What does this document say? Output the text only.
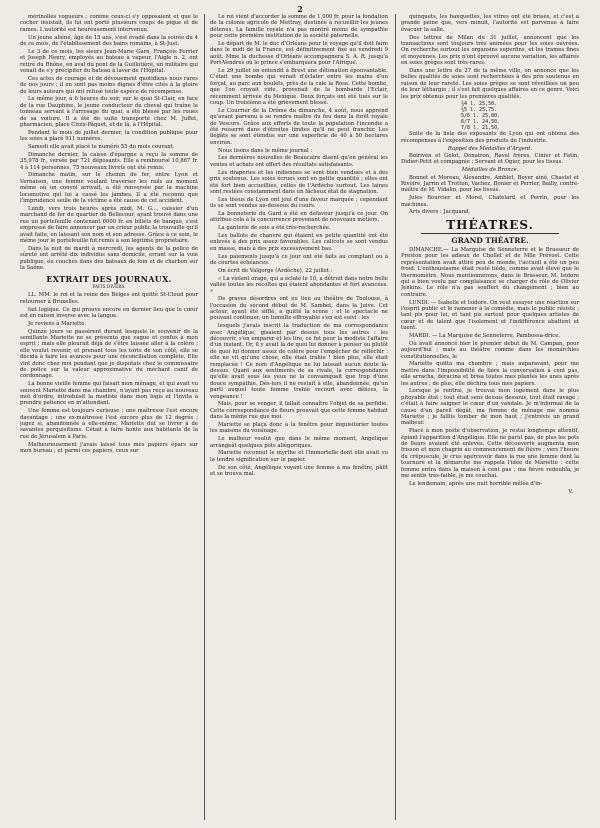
2

mérinolles vogueurs ; comme ceux-ci s'y opposaient et que le cocher insistait, ils lui ont porté plusieurs coups de pique et de rames. L'autorité est heureusement intervenue.

Un jeune aliéné, âgé de 15 ans, s'est évadé dans la soirée du 4 de ce mois, de l'établissement des bains romains, à St-Just.

Le 3 de ce mois, les sieurs Jean-Marie Garn, François Ferrier et Joseph Henry, employés au bateau à vapeur, l'Aigle n. 2, ont retiré du Rhône, en aval du pont de la Guillotière, un militaire qui venait de s'y précipiter du bateau à laver de l'Hôpital.

Ces actes de courage et de dévouement quotidiens nous rares de nos jours ; il en sont pas moins dignes d'être cités à la gloire de leurs auteurs qui ont refusé toute espèce de récompense.

Le même jour, à 6 heures du soir, sur le quai St-Clair, en face de la rue Dauphine, le jeune conducteur du cheval qui traîne le tonneau servant à l'arrosage du quai, a été blessé par les roues de sa voiture. Il a été de suite transporté chez M. Juffet, pharmacien, place Croix-Pâquet, et de là, à l'Hôpital.

Pendant le mois de juillet dernier, la condition publique pour les soies a placé 911 numéros.

Samedi elle avait placé le numéro 55 du mois courant.

Dimanche dernier, la caisse d'épargne a reçu la somme de 35,978 fr., versée par 721 déposants. Elle a remboursé 10,867 fr. 4 à 114 personnes, 75 nouveaux livrets ont été remis.

Dimanche matin, sur le chemin de fer, entre Lyon et Vernaison, une femme voulant traverser les rails au moment même où un convoi arrivait, a été renversée par la machine locomotive qui lui a cassé les jambes. Il a été reconnu que l'imprudence seule de la victime a été cause de cet accident.

Lundi, vers trois heures après midi, M. G..., caissier d'un marchand de fer du quartier de Bellecour, ayant trouvé dans une rue un portefeuille contenant 6000 fr. en billets de banque, s'est empressé de faire annoncer par un crieur public la trouvaille qu'il avait faite, en laissant son nom et son adresse. Grâce à ce soin, le même jour le portefeuille fut remis à son légitime propriétaire.

Dans la nuit de mardi à mercredi, les agents de la police de sûreté ont arrêté dix individus sans domicile, errant sur la voie publique, ou couchés dans des bateaux de foin et de charbon sur la Saône.

EXTRAIT DES JOURNAUX.
FAITS DIVERS.

LL. MM. le roi et la reine des Belges ont quitté St-Cloud pour retourner à Bruxelles.

fait logique. Ce qui prouve encore en dernier lieu que le cœur est en raison inverse avec la langue.

Je reviens à Mariette.

Quinze jours se passèrent durant lesquels le souvenir de la semillante Mariette ne se présenta que vague et confus à mon esprit ; mais elle pleurait déjà de s'être laissée aller à la colère ; elle voulut revenir, et prenant tous les torts de son côté, elle se décida à faire les avances pour une réconciliation complète. Elle vint donc chez moi pendant que je disputais chez le commissaire de police sur la valeur approximative du méchant canif de cordonnage.

La bonne vieille femme qui faisait mon ménage, et qui avait vu souvent Mariette dans ma chambre, n'ayant pas reçu au nouveau mot d'ordre, introduisit la modiste dans mon logis et l'invita à prendre patience en m'attendant.

Une femme est toujours curieuse ; une maîtresse l'est encore davantage ; une ex-maîtresse l'est encore plus de 12 degrés ; jugez si, abandonnée à elle-même, Mariette dut se livrer à de savantes perquisitions. Cétait à faire honte aux habitants de la rue de Jérusalem à Paris.

Malheureusement j'avais laissé tous mes papiers épars sur mon bureau ; et parmi ces papiers, ceux sur

Le roi vient d'accorder la somme de 1,000 fr. pour la fondation de la colonie agricole de Mettray, destinée à recueillir les jeunes détenus. La famille royale n'a pas montré moins de sympathie pour cette première institution de la société paternelle.

Le départ de M. le duc d'Orléans pour le voyage qu'il doit faire dans le midi de la France, est définitivement fixé au vendredi 9 août. Mme la duchesse d'Orléans accompagnera S. A. R. jusqu'à Port-Vendres où le prince s'embarquera pour l'Afrique.

Le 29 juillet on entendit à Brest une détonation épouvantable. C'était une bombe qui venait d'éclater entre les mains d'un forçat, au parc aux boulets, près de la cale la Rose. Cette bombe, que l'on croyait vide, provenait de la bombarde l'Eclair, récemment arrivée du Mexique. Deux forçats ont été tués sur le coup. Un troisième a été grièvement blessé.

Le Courrier de la Drôme du dimanche, 4 août, nous apprend qu'avant parvenu à se rendre maître du feu dans la forêt royale de Vescors. Grâce aux efforts de toute la population l'incendie a été resserré dans d'étroites limites qu'il ne peut franchir. Les dégâts se sont étendus sur une superficie de 40 à 50 hectares environ.

Nous lisons dans le même journal :

Les dernières nouvelles de Beaucaire disent qu'en général les ventes et achats ont offert des résultats satisfaisants.

Les draperies et les indiennes se sont bien vendues et à des prix soutenus. Les soies écrues sont en petite quantité ; elles ont été fort bien accueillies, celles de l'Ardèche surtout. Les laines sont restées constamment dans un fâcheux état de stagnation.

Les tissus de Lyon ont joui d'une faveur marquée ; cependant ils se sont vendus au-dessous du cours.

La bonneterie du Gard a été en défaveur jusqu'à ce jour. On attribue cela à la concurrence provenant de nouveaux métiers.

La ganterie de soie a été très-recherchée.

Les ballots de chanvre qui étaient en petite quantité ont été enlevés à des prix assez favorables. Les calicots se sont vendus en masse, mais à des prix excessivement bas.

Les paiements jusqu'à ce jour ont été faits au comptant ou à de courtes échéances.

On écrit de Valgorge (Ardèche), 22 juillet :

« La violent orage, qui a éclaté le 10, a détruit dans notre belle vallée toutes les récoltes qui étaient abondantes et fort avancées. »

De graves désordres ont eu lieu au théâtre de Toulouse, à l'occasion du second début de M. Sambet, dans la Juive. Cet acteur, ayant été sifflé, a quitté la scène ; et le spectacle ne pouvant continuer, un tumulte effroyable s'en est suivi : les

lesquels j'avais inscrit la traduction de ma correspondance avec Angélique, gisaient par dessus tous les autres : les découvrir, s'en emparer et les lire, ce fut pour la modiste l'affaire d'un instant. Or, il y avait là de quoi lui donner à penser ou plutôt de quoi lui donner assez de colère pour l'empêcher de réfléchir : elle ne vit qu'une chose, elle était trahie ! bien plus, elle était remplacée ! Ce nom d'Angélique ne lui laissait aucun doute là-dessus. Quant aux sentiments de sa rivale, la correspondance qu'elle avait sous les yeux ne la convainquait que trop d'une douce sympathie. Dès-lors il ne restait à elle, abandonnée, qu'un parti auquel toute femme trahie recourt avec délices, la vengeance !

Mais, pour se venger, il fallait connaître l'objet de sa perfidie. Cette correspondance de fleurs prouvait que cette femme habitait dans la même rue que moi.

Mariette se plaça donc à la fenêtre pour inquisitorier toutes les maisons du voisinage.

Le malheur voulut que dans le même moment, Angélique arrangeât quelques pots allégoriques.

Mariette reconnut le myrthe et l'immortelle dont elle avait vu la tendre signification sur le papier.

De son côté, Angélique voyant une femme à ma fenêtre, pâlit et se trouva mal.

quinquets, les banquettes, les vitres ont été brisés, et c'est à grande peine que, vers minuit, l'autorité est parvenue à faire évacuer la salle.

Des lettres de Milan du 31 juillet, annoncent que les transactions sont toujours très animées pour les soies ouvrées. On recherche surtout les organsins superfins, et les trames fines et moyennes. Les prix n'ont éprouvé aucune variation, les affaires en soies grèges sont très-rares.

Dans une lettre du 27 de la même ville, on annonce que les belles qualités de soies sont recherchées à des prix soutenus en raison de leur rareté. Les soies grèges se sont réveillées un peu de leur léthargie ; il s'est fait quelques affaires en ce genre. Voici les prix obtenus pour les premières qualités.

¾4 l. 25,50.
¾5 l. 25,75.
5/6 l. 25,00.
6/7 l. 24,50.
7/8 l. 21,50.

Suite de la liste des exposants de Lyon qui ont obtenu des récompenses à l'exposition des produits de l'industrie.

Rappel des Médailles d'Argent.

Boiriven et Gelot, Donatron, Ravel frères, Cinier et Fatin, Didier-Petit et compagnie ; Servant et Ogier, pour les tissus.

Médailles de Bronze.

Bonnet et Moreau, Alexandre, Amblet, Boyer ainé, Chastel et Rivoire, Jarrin et Trotton, Vachez, Bonier et Perrier, Bailly, contre-maître de M. Vidalin, pour les tissus.

Jules Bourcier et Morel, Chatelard et Perrin, pour les machines.

Arts divers : Jacquand.

THÉATRES.
GRAND THÉATRE.

DIMANCHE.— La Marquise de Senneterre et le Brasseur de Preston pour les adieux de Chollet et de Mlle Prévost. Cette représentation avait attiré peu de monde, l'accueil a été un peu froid. L'enthousiasme était resté tiède, comme avait élevé que le thermomètre. Nous mentionnerons, dans le Brasseur, M. Isidore qui a bien voulu par complaisance se charger du rôle de Olivier Jenkins. Le rôle n'a pas souffert du changement ; bien au contraire.

LUNDI. — Isabelle et Isidore. On veut essayer une réaction sur l'esprit public et le ramener à la comédie, mais le public résiste ; tant pis pour lui, et tant pis surtout pour quelques artistes de cœur et de talent que l'isolement et l'indifférence abattent et tuent.

MARDI. — La Marquise de Senneterre, Pambossa-drice.

Où avait annoncé hier le premier début de M. Campan, pour aujourd'hui ; mais au théâtre comme dans les monarchies constitutionnelles, le

Mariette quitta ma chambre ; mais auparavant, pour me mettre dans l'impossibilité de faire la conversation à cent pas, elle arracha, déracina et brisa toutes mes plantes les unes après les autres ; de plus, elle déchira tous mes papiers.

Lorsque je rentrai, je trouvai mon logement dans le plus pitoyable état ; tout était sens dessus dessous, tout était ravagé ; c'était à faire saigner le cœur d'un vandale. Je m'informai de la cause d'un pareil dégât, ma femme de ménage me nomma Mariette ; je faillis tomber de mon haut ; j'entrevis un grand malheur.

Placé à mon poste d'observation, je restai longtemps attentif, épiant l'apparition d'Angélique. Elle ne parut pas, de plus les pots de fleurs avaient été enlevés. Cette découverte augmenta mon frisson et mon chagrin au commencement de fièvre ; vers l'heure du crépuscule, je crus apercevoir dans la rue une femme dont la tournure et la démarche me rappela l'idée de Mariette : cette femme entra dans la maison à cent pas ; ma fièvre redoubla, je me sentis très-faible, je me couchai.

Le lendemain, après une nuit horrible mêlée d'in-

V.
